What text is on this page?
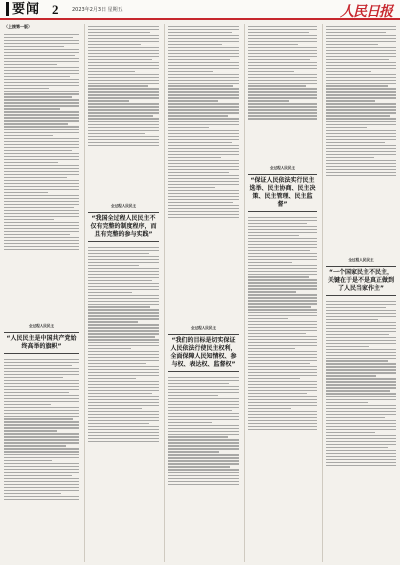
要闻 2	2023年2月3日 星期五	人民日报
（上接第一版）
全过程人民民主
“人民民主是中国共产党始终高举的旗帜”
全过程人民民主
“我国全过程人民民主不仅有完整的制度程序，而且有完整的参与实践”
全过程人民民主
“我们的目标是切实保证人民依法行使民主权利，全面保障人民知情权、参与权、表达权、监督权”
全过程人民民主
“保证人民依法实行民主选举、民主协商、民主决策、民主管理、民主监督”
全过程人民民主
“一个国家民主不民主，关键在于是不是真正做到了人民当家作主”
